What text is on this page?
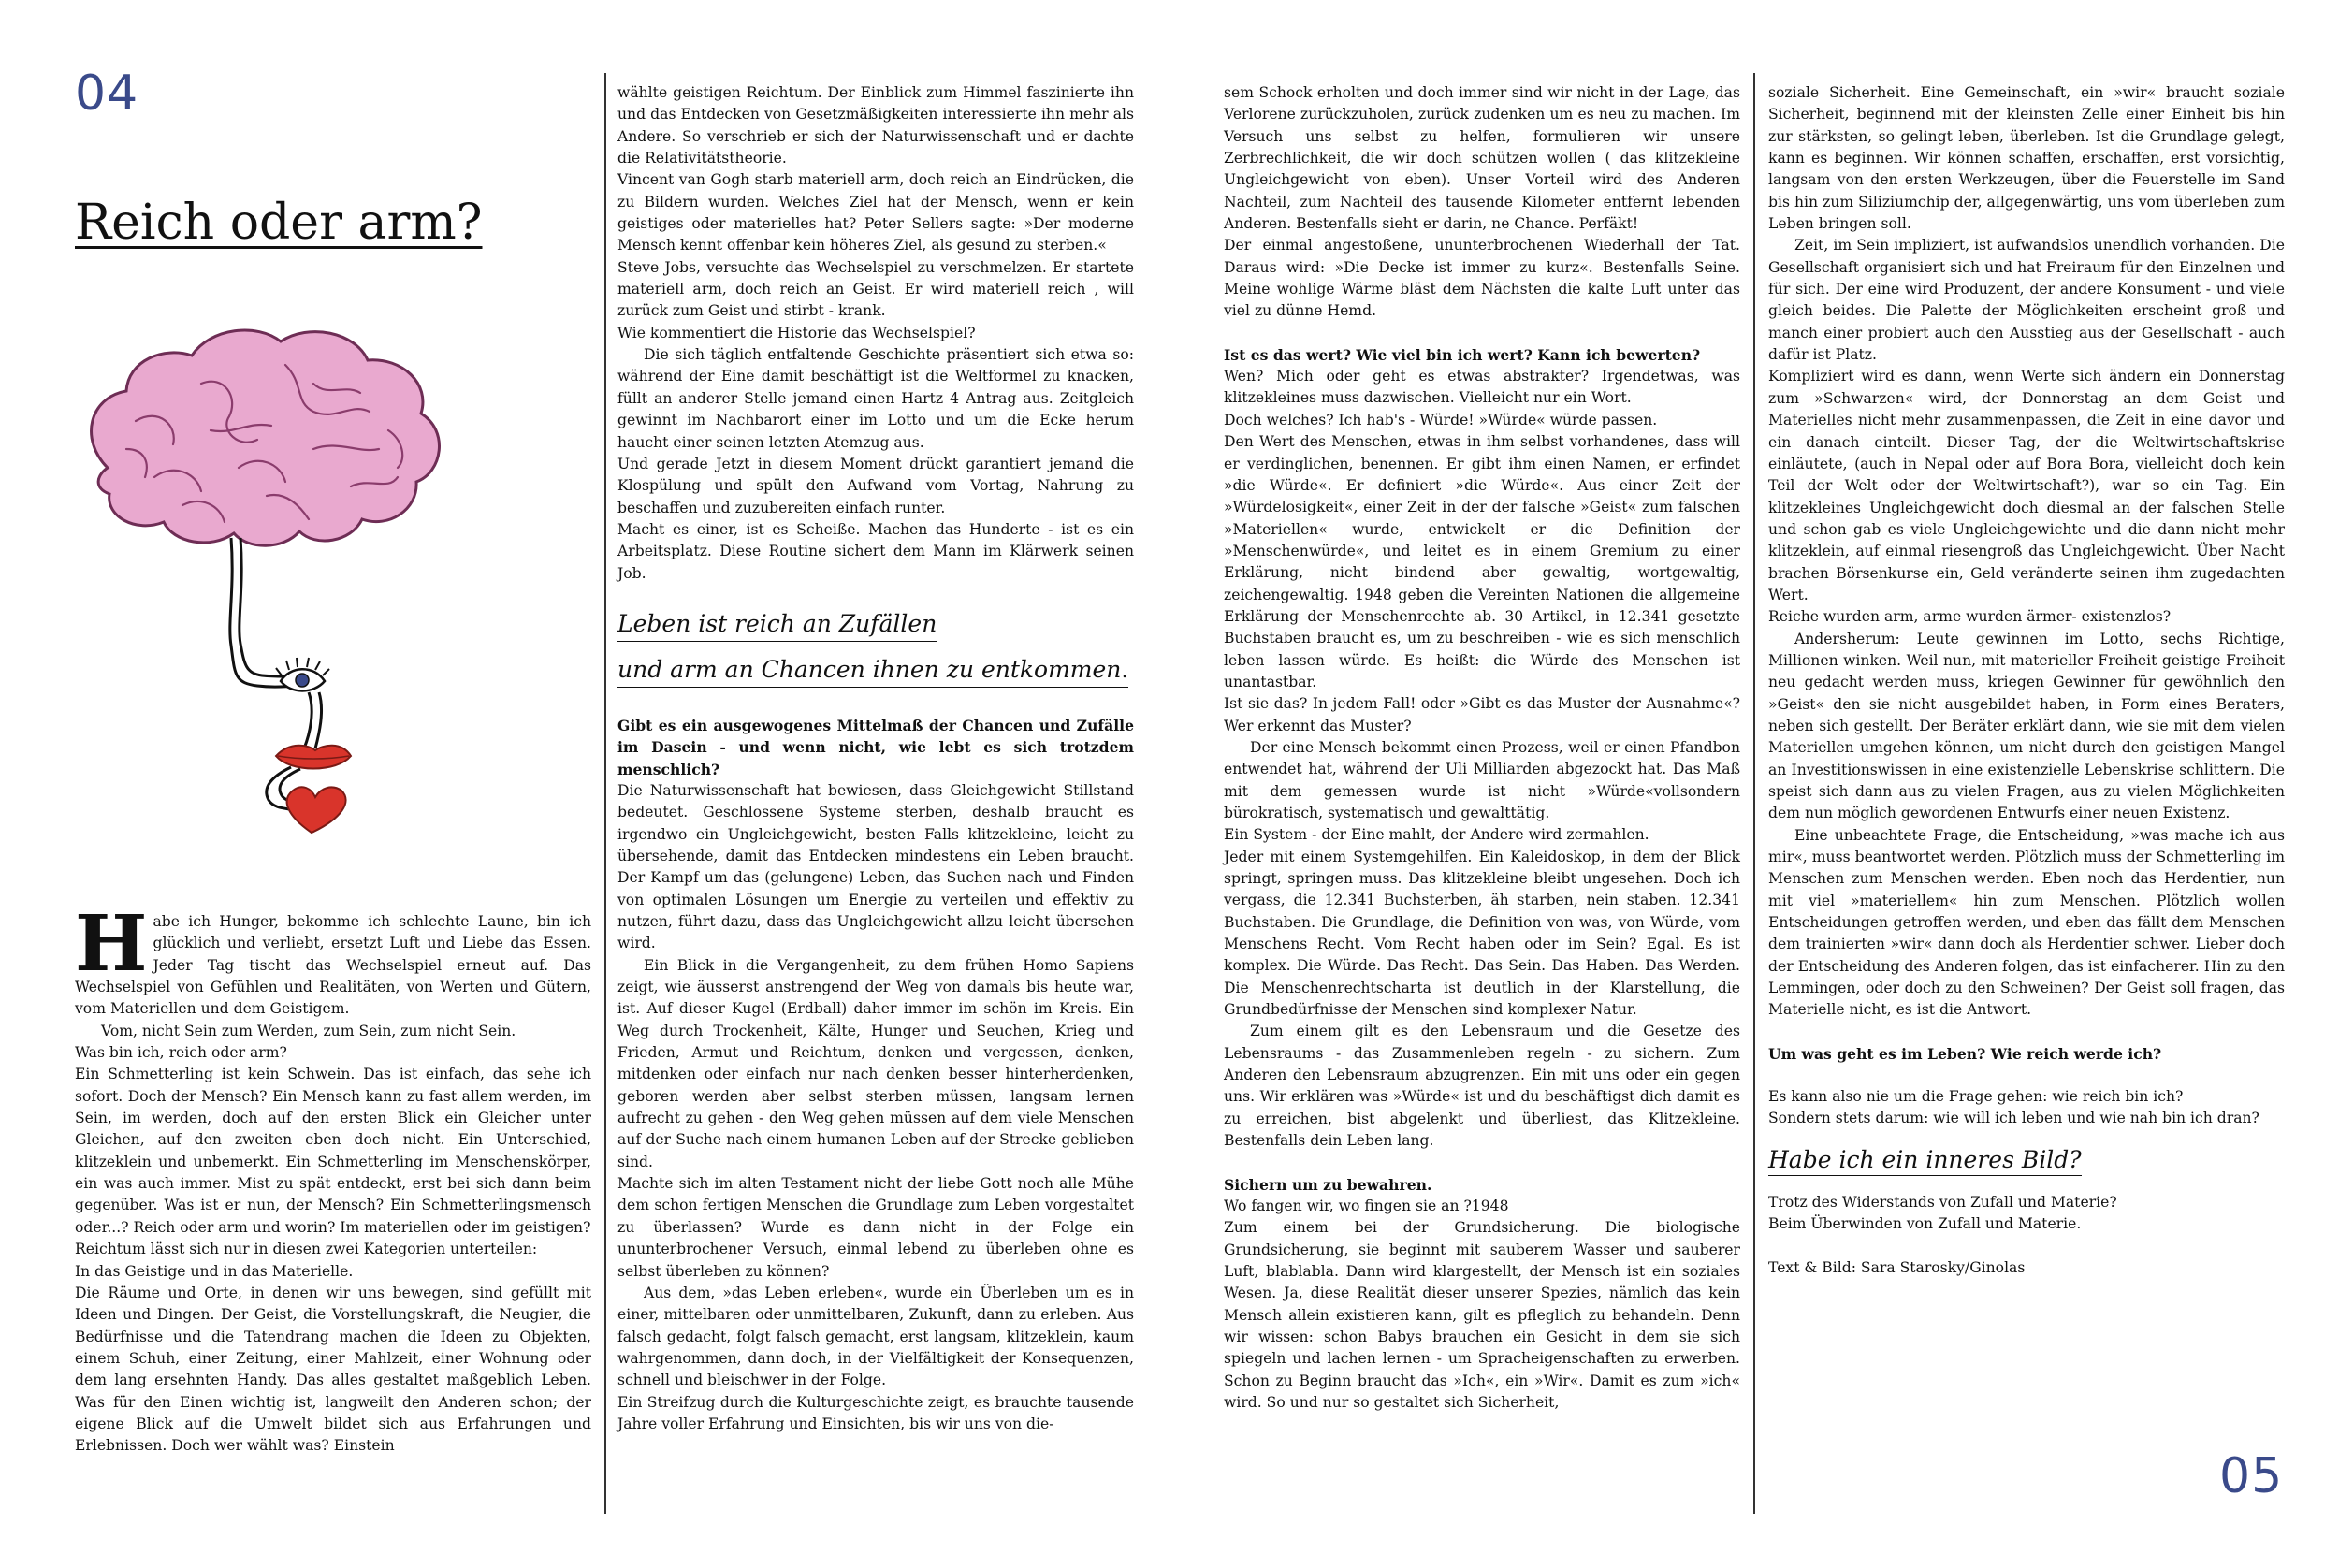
04
05
Reich oder arm?

Habe ich Hunger, bekomme ich schlechte Laune, bin ich glücklich und verliebt, ersetzt Luft und Liebe das Essen. Jeder Tag tischt das Wechselspiel erneut auf. Das Wechselspiel von Gefühlen und Realitäten, von Werten und Gütern, vom Materiellen und dem Geistigem.

Vom, nicht Sein zum Werden, zum Sein, zum nicht Sein.

Was bin ich, reich oder arm?

Ein Schmetterling ist kein Schwein. Das ist einfach, das sehe ich sofort. Doch der Mensch? Ein Mensch kann zu fast allem werden, im Sein, im werden, doch auf den ersten Blick ein Gleicher unter Gleichen, auf den zweiten eben doch nicht. Ein Unterschied, klitzeklein und unbemerkt. Ein Schmetterling im Menschenskörper, ein was auch immer. Mist zu spät entdeckt, erst bei sich dann beim gegenüber. Was ist er nun, der Mensch? Ein Schmetterlingsmensch oder...? Reich oder arm und worin? Im materiellen oder im geistigen?

Reichtum lässt sich nur in diesen zwei Kategorien unterteilen:

In das Geistige und in das Materielle.

Die Räume und Orte, in denen wir uns bewegen, sind gefüllt mit Ideen und Dingen. Der Geist, die Vorstellungskraft, die Neugier, die Bedürfnisse und die Tatendrang machen die Ideen zu Objekten, einem Schuh, einer Zeitung, einer Mahlzeit, einer Wohnung oder dem lang ersehnten Handy. Das alles gestaltet maßgeblich Leben. Was für den Einen wichtig ist, langweilt den Anderen schon; der eigene Blick auf die Umwelt bildet sich aus Erfahrungen und Erlebnissen. Doch wer wählt was? Einstein

wählte geistigen Reichtum. Der Einblick zum Himmel faszinierte ihn und das Entdecken von Gesetzmäßigkeiten interessierte ihn mehr als Andere. So verschrieb er sich der Naturwissenschaft und er dachte die Relativitätstheorie.

Vincent van Gogh starb materiell arm, doch reich an Eindrücken, die zu Bildern wurden. Welches Ziel hat der Mensch, wenn er kein geistiges oder materielles hat? Peter Sellers sagte: »Der moderne Mensch kennt offenbar kein höheres Ziel, als gesund zu sterben.«

Steve Jobs, versuchte das Wechselspiel zu verschmelzen. Er startete materiell arm, doch reich an Geist. Er wird materiell reich , will zurück zum Geist und stirbt - krank.

Wie kommentiert die Historie das Wechselspiel?

Die sich täglich entfaltende Geschichte präsentiert sich etwa so: während der Eine damit beschäftigt ist die Weltformel zu knacken, füllt an anderer Stelle jemand einen Hartz 4 Antrag aus. Zeitgleich gewinnt im Nachbarort einer im Lotto und um die Ecke herum haucht einer seinen letzten Atemzug aus.

Und gerade Jetzt in diesem Moment drückt garantiert jemand die Klospülung und spült den Aufwand vom Vortag, Nahrung zu beschaffen und zuzubereiten einfach runter.

Macht es einer, ist es Scheiße. Machen das Hunderte - ist es ein Arbeitsplatz. Diese Routine sichert dem Mann im Klärwerk seinen Job.

Leben ist reich an Zufällen
und arm an Chancen ihnen zu entkommen.

Gibt es ein ausgewogenes Mittelmaß der Chancen und Zufälle im Dasein - und wenn nicht, wie lebt es sich trotzdem menschlich?

Die Naturwissenschaft hat bewiesen, dass Gleichgewicht Stillstand bedeutet. Geschlossene Systeme sterben, deshalb braucht es irgendwo ein Ungleichgewicht, besten Falls klitzekleine, leicht zu übersehende, damit das Entdecken mindestens ein Leben braucht. Der Kampf um das (gelungene) Leben, das Suchen nach und Finden von optimalen Lösungen um Energie zu verteilen und effektiv zu nutzen, führt dazu, dass das Ungleichgewicht allzu leicht übersehen wird.

Ein Blick in die Vergangenheit, zu dem frühen Homo Sapiens zeigt, wie äusserst anstrengend der Weg von damals bis heute war, ist. Auf dieser Kugel (Erdball) daher immer im schön im Kreis. Ein Weg durch Trockenheit, Kälte, Hunger und Seuchen, Krieg und Frieden, Armut und Reichtum, denken und vergessen, denken, mitdenken oder einfach nur nach denken besser hinterherdenken, geboren werden aber selbst sterben müssen, langsam lernen aufrecht zu gehen - den Weg gehen müssen auf dem viele Menschen auf der Suche nach einem humanen Leben auf der Strecke geblieben sind.

Machte sich im alten Testament nicht der liebe Gott noch alle Mühe dem schon fertigen Menschen die Grundlage zum Leben vorgestaltet zu überlassen? Wurde es dann nicht in der Folge ein ununterbrochener Versuch, einmal lebend zu überleben ohne es selbst überleben zu können?

Aus dem, »das Leben erleben«, wurde ein Überleben um es in einer, mittelbaren oder unmittelbaren, Zukunft, dann zu erleben. Aus falsch gedacht, folgt falsch gemacht, erst langsam, klitzeklein, kaum wahrgenommen, dann doch, in der Vielfältigkeit der Konsequenzen, schnell und bleischwer in der Folge.

Ein Streifzug durch die Kulturgeschichte zeigt, es brauchte tausende Jahre voller Erfahrung und Einsichten, bis wir uns von die-

sem Schock erholten und doch immer sind wir nicht in der Lage, das Verlorene zurückzuholen, zurück zudenken um es neu zu machen. Im Versuch uns selbst zu helfen, formulieren wir unsere Zerbrechlichkeit, die wir doch schützen wollen ( das klitzekleine Ungleichgewicht von eben). Unser Vorteil wird des Anderen Nachteil, zum Nachteil des tausende Kilometer entfernt lebenden Anderen. Bestenfalls sieht er darin, ne Chance. Perfäkt!

Der einmal angestoßene, ununterbrochenen Wiederhall der Tat. Daraus wird: »Die Decke ist immer zu kurz«. Bestenfalls Seine. Meine wohlige Wärme bläst dem Nächsten die kalte Luft unter das viel zu dünne Hemd.

Ist es das wert? Wie viel bin ich wert? Kann ich bewerten?

Wen? Mich oder geht es etwas abstrakter? Irgendetwas, was klitzekleines muss dazwischen. Vielleicht nur ein Wort.

Doch welches? Ich hab's - Würde! »Würde« würde passen.

Den Wert des Menschen, etwas in ihm selbst vorhandenes, dass will er verdinglichen, benennen. Er gibt ihm einen Namen, er erfindet »die Würde«. Er definiert »die Würde«. Aus einer Zeit der »Würdelosigkeit«, einer Zeit in der der falsche »Geist« zum falschen »Materiellen« wurde, entwickelt er die Definition der »Menschenwürde«, und leitet es in einem Gremium zu einer Erklärung, nicht bindend aber gewaltig, wortgewaltig, zeichengewaltig. 1948 geben die Vereinten Nationen die allgemeine Erklärung der Menschenrechte ab. 30 Artikel, in 12.341 gesetzte Buchstaben braucht es, um zu beschreiben - wie es sich menschlich leben lassen würde. Es heißt: die Würde des Menschen ist unantastbar.

Ist sie das? In jedem Fall! oder »Gibt es das Muster der Ausnahme«? Wer erkennt das Muster?

Der eine Mensch bekommt einen Prozess, weil er einen Pfandbon entwendet hat, während der Uli Milliarden abgezockt hat. Das Maß mit dem gemessen wurde ist nicht »Würde«vollsondern bürokratisch, systematisch und gewalttätig.

Ein System - der Eine mahlt, der Andere wird zermahlen.

Jeder mit einem Systemgehilfen. Ein Kaleidoskop, in dem der Blick springt, springen muss. Das klitzekleine bleibt ungesehen. Doch ich vergass, die 12.341 Buchsterben, äh starben, nein staben. 12.341 Buchstaben. Die Grundlage, die Definition von was, von Würde, vom Menschens Recht. Vom Recht haben oder im Sein? Egal. Es ist komplex. Die Würde. Das Recht. Das Sein. Das Haben. Das Werden. Die Menschenrechtscharta ist deutlich in der Klarstellung, die Grundbedürfnisse der Menschen sind komplexer Natur.

Zum einem gilt es den Lebensraum und die Gesetze des Lebensraums - das Zusammenleben regeln - zu sichern. Zum Anderen den Lebensraum abzugrenzen. Ein mit uns oder ein gegen uns. Wir erklären was »Würde« ist und du beschäftigst dich damit es zu erreichen, bist abgelenkt und überliest, das Klitzekleine. Bestenfalls dein Leben lang.

Sichern um zu bewahren.

Wo fangen wir, wo fingen sie an ?1948

Zum einem bei der Grundsicherung. Die biologische Grundsicherung, sie beginnt mit sauberem Wasser und sauberer Luft, blablabla. Dann wird klargestellt, der Mensch ist ein soziales Wesen. Ja, diese Realität dieser unserer Spezies, nämlich das kein Mensch allein existieren kann, gilt es pfleglich zu behandeln. Denn wir wissen: schon Babys brauchen ein Gesicht in dem sie sich spiegeln und lachen lernen - um Spracheigenschaften zu erwerben. Schon zu Beginn braucht das »Ich«, ein »Wir«. Damit es zum »ich« wird. So und nur so gestaltet sich Sicherheit,

soziale Sicherheit. Eine Gemeinschaft, ein »wir« braucht soziale Sicherheit, beginnend mit der kleinsten Zelle einer Einheit bis hin zur stärksten, so gelingt leben, überleben. Ist die Grundlage gelegt, kann es beginnen. Wir können schaffen, erschaffen, erst vorsichtig, langsam von den ersten Werkzeugen, über die Feuerstelle im Sand bis hin zum Siliziumchip der, allgegenwärtig, uns vom überleben zum Leben bringen soll.

Zeit, im Sein impliziert, ist aufwandslos unendlich vorhanden. Die Gesellschaft organisiert sich und hat Freiraum für den Einzelnen und für sich. Der eine wird Produzent, der andere Konsument - und viele gleich beides. Die Palette der Möglichkeiten erscheint groß und manch einer probiert auch den Ausstieg aus der Gesellschaft - auch dafür ist Platz.

Kompliziert wird es dann, wenn Werte sich ändern ein Donnerstag zum »Schwarzen« wird, der Donnerstag an dem Geist und Materielles nicht mehr zusammenpassen, die Zeit in eine davor und ein danach einteilt. Dieser Tag, der die Weltwirtschaftskrise einläutete, (auch in Nepal oder auf Bora Bora, vielleicht doch kein Teil der Welt oder der Weltwirtschaft?), war so ein Tag. Ein klitzekleines Ungleichgewicht doch diesmal an der falschen Stelle und schon gab es viele Ungleichgewichte und die dann nicht mehr klitzeklein, auf einmal riesengroß das Ungleichgewicht. Über Nacht brachen Börsenkurse ein, Geld veränderte seinen ihm zugedachten Wert.

Reiche wurden arm, arme wurden ärmer- existenzlos?

Andersherum: Leute gewinnen im Lotto, sechs Richtige, Millionen winken. Weil nun, mit materieller Freiheit geistige Freiheit neu gedacht werden muss, kriegen Gewinner für gewöhnlich den »Geist« den sie nicht ausgebildet haben, in Form eines Beraters, neben sich gestellt. Der Beräter erklärt dann, wie sie mit dem vielen Materiellen umgehen können, um nicht durch den geistigen Mangel an Investitionswissen in eine existenzielle Lebenskrise schlittern. Die speist sich dann aus zu vielen Fragen, aus zu vielen Möglichkeiten dem nun möglich gewordenen Entwurfs einer neuen Existenz.

Eine unbeachtete Frage, die Entscheidung, »was mache ich aus mir«, muss beantwortet werden. Plötzlich muss der Schmetterling im Menschen zum Menschen werden. Eben noch das Herdentier, nun mit viel »materiellem« hin zum Menschen. Plötzlich wollen Entscheidungen getroffen werden, und eben das fällt dem Menschen dem trainierten »wir« dann doch als Herdentier schwer. Lieber doch der Entscheidung des Anderen folgen, das ist einfacherer. Hin zu den Lemmingen, oder doch zu den Schweinen? Der Geist soll fragen, das Materielle nicht, es ist die Antwort.

Um was geht es im Leben? Wie reich werde ich?

Es kann also nie um die Frage gehen: wie reich bin ich?

Sondern stets darum: wie will ich leben und wie nah bin ich dran?

Habe ich ein inneres Bild?

Trotz des Widerstands von Zufall und Materie?

Beim Überwinden von Zufall und Materie.

Text & Bild: Sara Starosky/Ginolas
